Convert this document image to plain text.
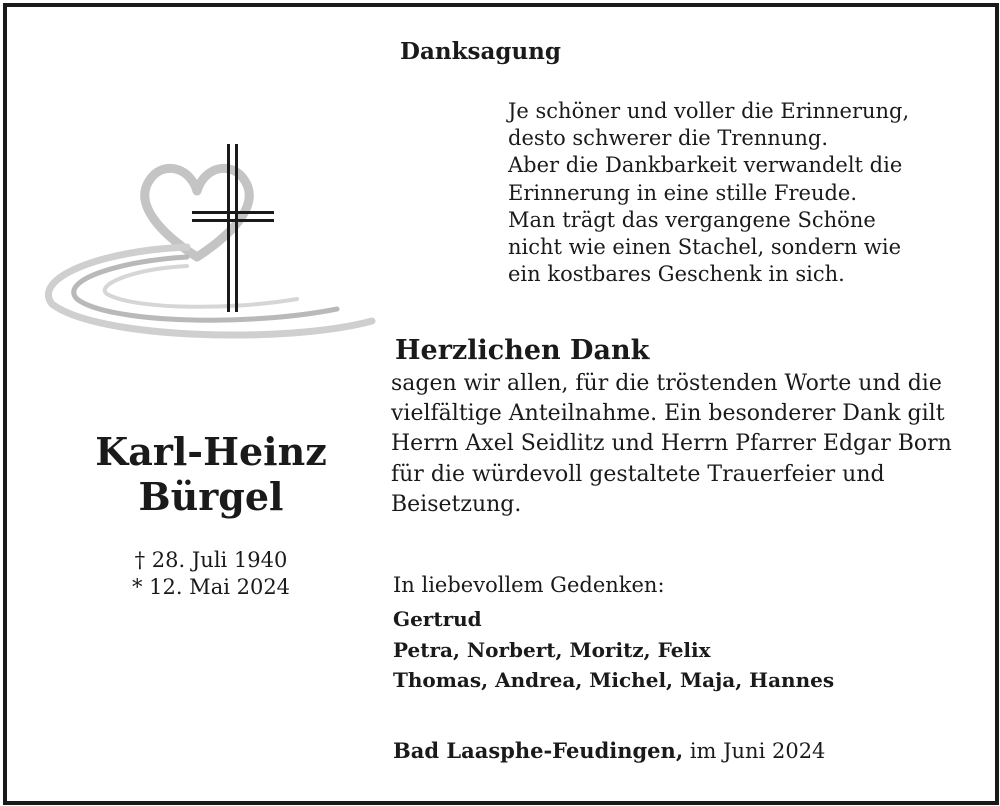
Danksagung
Je schöner und voller die Erinnerung,
desto schwerer die Trennung.
Aber die Dankbarkeit verwandelt die
Erinnerung in eine stille Freude.
Man trägt das vergangene Schöne
nicht wie einen Stachel, sondern wie
ein kostbares Geschenk in sich.
Herzlichen Dank
sagen wir allen, für die tröstenden Worte und die
vielfältige Anteilnahme. Ein besonderer Dank gilt
Herrn Axel Seidlitz und Herrn Pfarrer Edgar Born
für die würdevoll gestaltete Trauerfeier und
Beisetzung.
Karl-Heinz
Bürgel
† 28. Juli 1940
* 12. Mai 2024	In liebevollem Gedenken:
Gertrud
Petra, Norbert, Moritz, Felix
Thomas, Andrea, Michel, Maja, Hannes
Bad Laasphe-Feudingen, im Juni 2024
